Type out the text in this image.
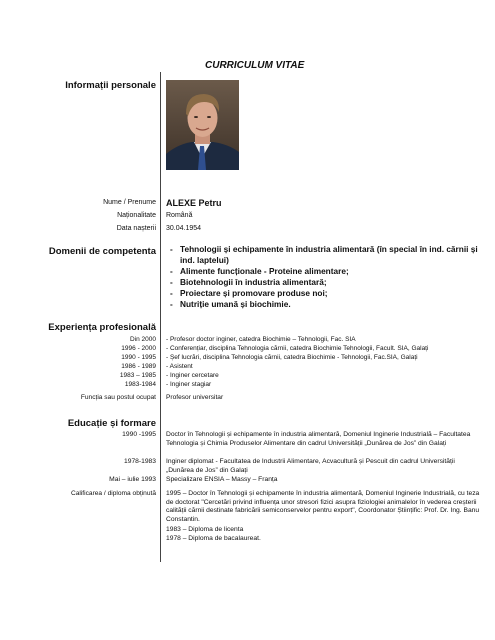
CURRICULUM VITAE
Informații personale
Nume / Prenume ALEXE Petru
Naționalitate Română
Data nașterii 30.04.1954
Domenii de competenta - Tehnologii și echipamente în industria alimentară (în special în ind. cărnii și ind. laptelui)
- Alimente funcționale - Proteine alimentare;
- Biotehnologii în industria alimentară;
- Proiectare și promovare produse noi;
- Nutriție umană și biochimie.
Experiența profesională
Din 2000 - Profesor doctor inginer, catedra Biochimie – Tehnologii, Fac. SIA
1996 - 2000 - Conferențiar, disciplina Tehnologia cărnii, catedra Biochimie Tehnologii, Facult. SIA, Galați
1990 - 1995 - Șef lucrări, disciplina Tehnologia cărnii, catedra Biochimie - Tehnologii, Fac.SIA, Galați
1986 - 1989 - Asistent
1983 – 1985 - Inginer cercetare
1983-1984 - Inginer stagiar
Funcția sau postul ocupat Profesor universitar
Educație și formare
1990 -1995 Doctor în Tehnologii și echipamente în industria alimentară, Domeniul Inginerie Industrială – Facultatea Tehnologia și Chimia Produselor Alimentare din cadrul Universității „Dunărea de Jos” din Galați
1978-1983 Inginer diplomat - Facultatea de Industrii Alimentare, Acvacultură și Pescuit din cadrul Universității „Dunărea de Jos” din Galați
Mai – iulie 1993 Specializare ENSIA – Massy – Franța
Calificarea / diploma obținută 1995 – Doctor în Tehnologii și echipamente în industria alimentară, Domeniul Inginerie Industrială, cu teza de doctorat "Cercetări privind influența unor stresori fizici asupra fiziologiei animalelor în vederea creșterii calității cărnii destinate fabricării semiconservelor pentru export", Coordonator Științific: Prof. Dr. Ing. Banu Constantin.
1983 – Diploma de licenta
1978 – Diploma de bacalaureat.
